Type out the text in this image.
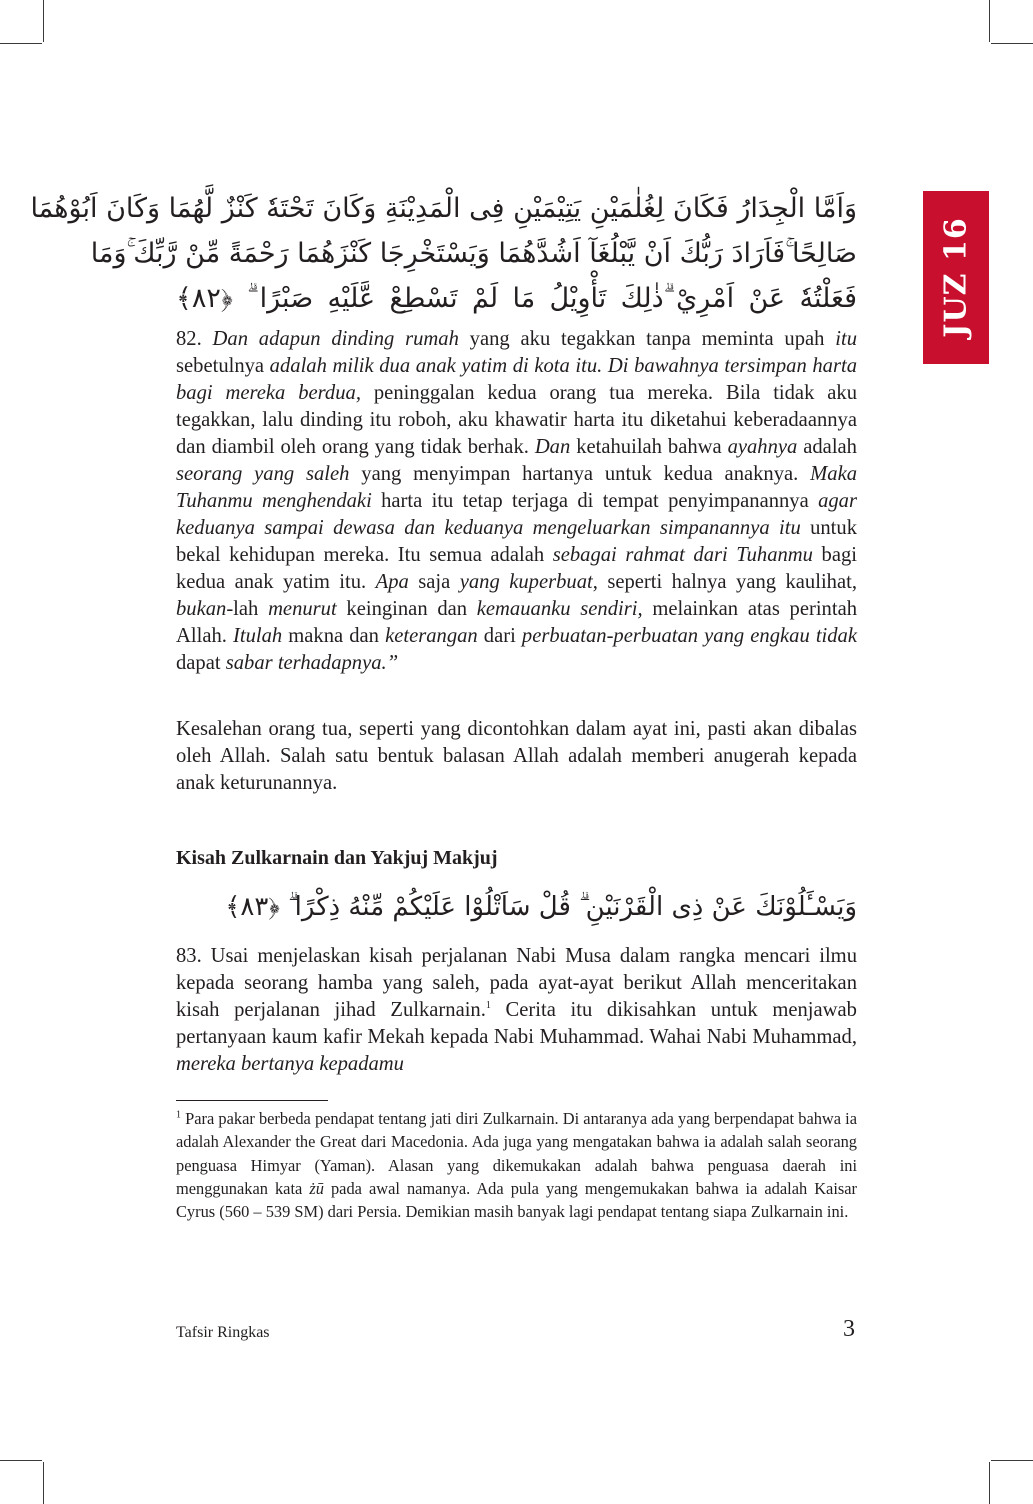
JUZ 16
وَاَمَّا الْجِدَارُ فَكَانَ لِغُلٰمَيْنِ يَتِيْمَيْنِ فِى الْمَدِيْنَةِ وَكَانَ تَحْتَهٗ كَنْزٌ لَّهُمَا وَكَانَ اَبُوْهُمَا
صَالِحًا ۚفَاَرَادَ رَبُّكَ اَنْ يَّبْلُغَآ اَشُدَّهُمَا وَيَسْتَخْرِجَا كَنْزَهُمَا رَحْمَةً مِّنْ رَّبِّكَ ۚوَمَا
فَعَلْتُهٗ عَنْ اَمْرِيْ ۗذٰلِكَ تَأْوِيْلُ مَا لَمْ تَسْطِعْ عَّلَيْهِ صَبْرًا ۗ ﴿٨٢﴾

82. Dan adapun dinding rumah yang aku tegakkan tanpa meminta upah itu sebetulnya adalah milik dua anak yatim di kota itu. Di bawahnya tersimpan harta bagi mereka berdua, peninggalan kedua orang tua mereka. Bila tidak aku tegakkan, lalu dinding itu roboh, aku khawatir harta itu diketahui keberadaannya dan diambil oleh orang yang tidak berhak. Dan ketahuilah bahwa ayahnya adalah seorang yang saleh yang menyimpan hartanya untuk kedua anaknya. Maka Tuhanmu menghendaki harta itu tetap terjaga di tempat penyimpanannya agar keduanya sampai dewasa dan keduanya mengeluarkan simpanannya itu untuk bekal kehidupan mereka. Itu semua adalah sebagai rahmat dari Tuhanmu bagi kedua anak yatim itu. Apa saja yang kuperbuat, seperti halnya yang kaulihat, bukan-lah menurut keinginan dan kemauanku sendiri, melainkan atas perintah Allah. Itulah makna dan keterangan dari perbuatan-perbuatan yang engkau tidak dapat sabar terhadapnya.”

Kesalehan orang tua, seperti yang dicontohkan dalam ayat ini, pasti akan dibalas oleh Allah. Salah satu bentuk balasan Allah adalah memberi anugerah kepada anak keturunannya.

Kisah Zulkarnain dan Yakjuj Makjuj
وَيَسْـَٔلُوْنَكَ عَنْ ذِى الْقَرْنَيْنِ ۗ قُلْ سَاَتْلُوْا عَلَيْكُمْ مِّنْهُ ذِكْرًا ۗ ﴿٨٣﴾

83. Usai menjelaskan kisah perjalanan Nabi Musa dalam rangka mencari ilmu kepada seorang hamba yang saleh, pada ayat-ayat berikut Allah menceritakan kisah perjalanan jihad Zulkarnain.$^1$ Cerita itu dikisahkan untuk menjawab pertanyaan kaum kafir Mekah kepada Nabi Muhammad. Wahai Nabi Muhammad, mereka bertanya kepadamu

$^1$ Para pakar berbeda pendapat tentang jati diri Zulkarnain. Di antaranya ada yang berpendapat bahwa ia adalah Alexander the Great dari Macedonia. Ada juga yang mengatakan bahwa ia adalah salah seorang penguasa Himyar (Yaman). Alasan yang dikemukakan adalah bahwa penguasa daerah ini menggunakan kata żū pada awal namanya. Ada pula yang mengemukakan bahwa ia adalah Kaisar Cyrus (560 – 539 SM) dari Persia. Demikian masih banyak lagi pendapat tentang siapa Zulkarnain ini.

Tafsir Ringkas	3
